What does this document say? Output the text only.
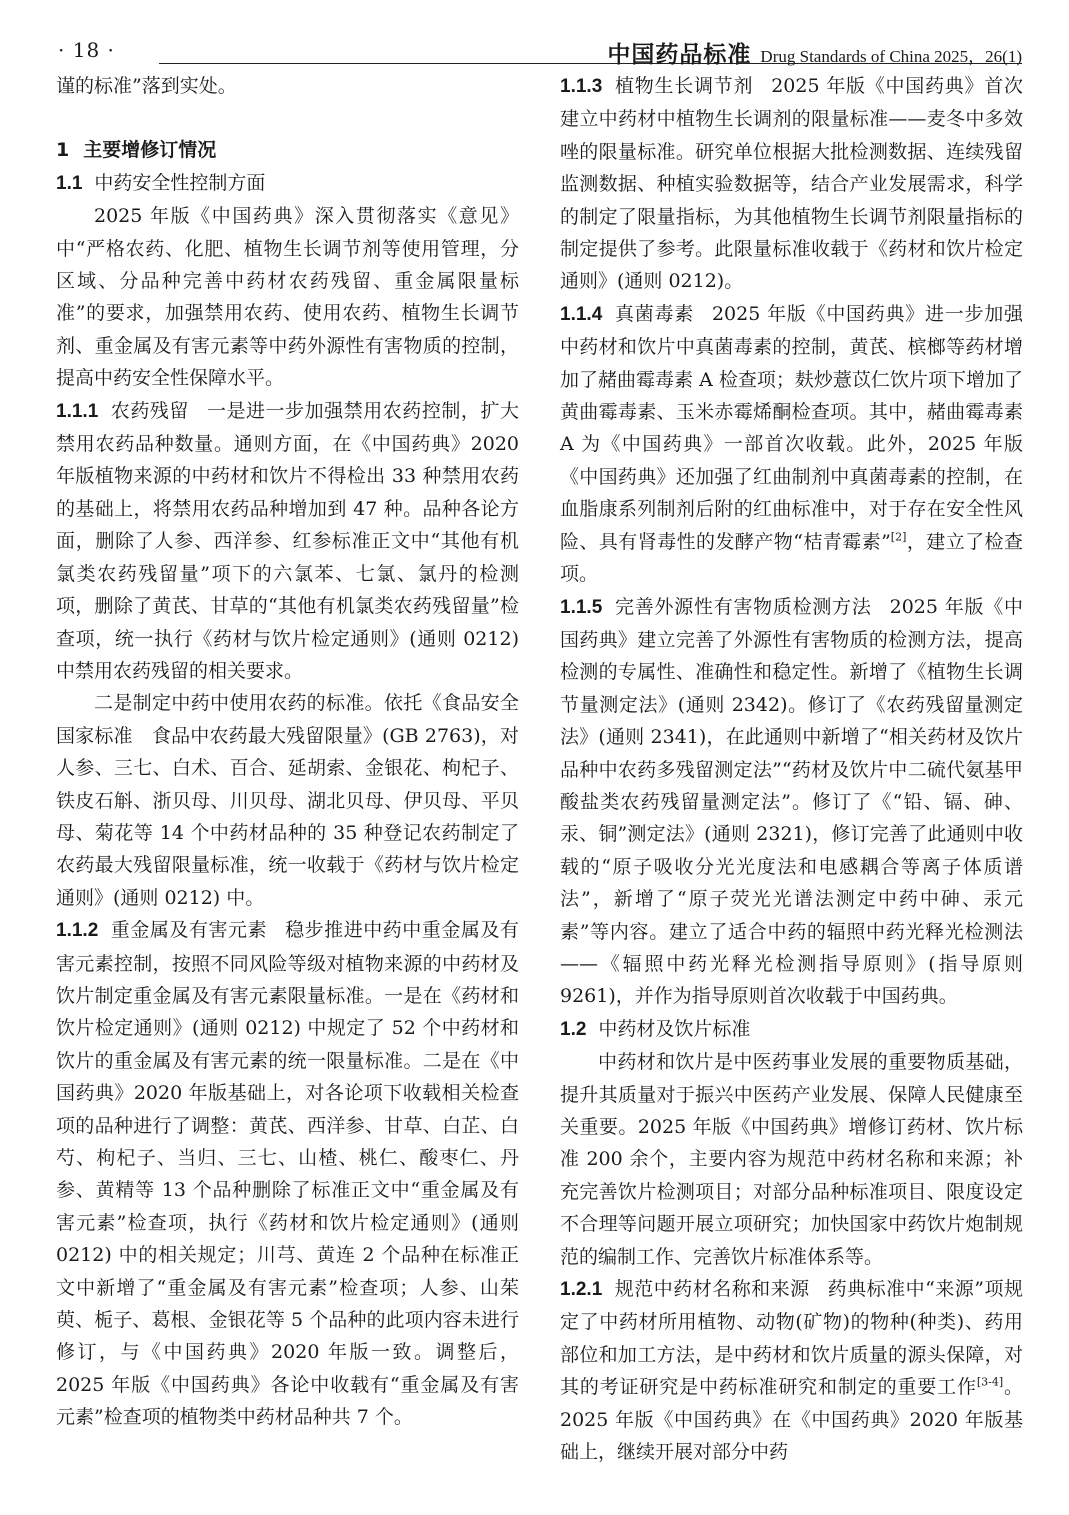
· 18 ·	中国药品标准 Drug Standards of China 2025，26(1)

谨的标准”落到实处。

1 主要增修订情况

1.1 中药安全性控制方面

2025 年版《中国药典》深入贯彻落实《意见》中“严格农药、化肥、植物生长调节剂等使用管理，分区域、分品种完善中药材农药残留、重金属限量标准”的要求，加强禁用农药、使用农药、植物生长调节剂、重金属及有害元素等中药外源性有害物质的控制，提高中药安全性保障水平。

1.1.1 农药残留 一是进一步加强禁用农药控制，扩大禁用农药品种数量。通则方面，在《中国药典》2020 年版植物来源的中药材和饮片不得检出 33 种禁用农药的基础上，将禁用农药品种增加到 47 种。品种各论方面，删除了人参、西洋参、红参标准正文中“其他有机氯类农药残留量”项下的六氯苯、七氯、氯丹的检测项，删除了黄芪、甘草的“其他有机氯类农药残留量”检查项，统一执行《药材与饮片检定通则》(通则 0212) 中禁用农药残留的相关要求。

二是制定中药中使用农药的标准。依托《食品安全国家标准　食品中农药最大残留限量》(GB 2763)，对人参、三七、白术、百合、延胡索、金银花、枸杞子、铁皮石斛、浙贝母、川贝母、湖北贝母、伊贝母、平贝母、菊花等 14 个中药材品种的 35 种登记农药制定了农药最大残留限量标准，统一收载于《药材与饮片检定通则》(通则 0212) 中。

1.1.2 重金属及有害元素 稳步推进中药中重金属及有害元素控制，按照不同风险等级对植物来源的中药材及饮片制定重金属及有害元素限量标准。一是在《药材和饮片检定通则》(通则 0212) 中规定了 52 个中药材和饮片的重金属及有害元素的统一限量标准。二是在《中国药典》2020 年版基础上，对各论项下收载相关检查项的品种进行了调整：黄芪、西洋参、甘草、白芷、白芍、枸杞子、当归、三七、山楂、桃仁、酸枣仁、丹参、黄精等 13 个品种删除了标准正文中“重金属及有害元素”检查项，执行《药材和饮片检定通则》(通则 0212) 中的相关规定；川芎、黄连 2 个品种在标准正文中新增了“重金属及有害元素”检查项；人参、山茱萸、栀子、葛根、金银花等 5 个品种的此项内容未进行修订，与《中国药典》2020 年版一致。调整后，2025 年版《中国药典》各论中收载有“重金属及有害元素”检查项的植物类中药材品种共 7 个。

1.1.3 植物生长调节剂 2025 年版《中国药典》首次建立中药材中植物生长调剂的限量标准——麦冬中多效唑的限量标准。研究单位根据大批检测数据、连续残留监测数据、种植实验数据等，结合产业发展需求，科学的制定了限量指标，为其他植物生长调节剂限量指标的制定提供了参考。此限量标准收载于《药材和饮片检定通则》(通则 0212)。

1.1.4 真菌毒素 2025 年版《中国药典》进一步加强中药材和饮片中真菌毒素的控制，黄芪、槟榔等药材增加了赭曲霉毒素 A 检查项；麸炒薏苡仁饮片项下增加了黄曲霉毒素、玉米赤霉烯酮检查项。其中，赭曲霉毒素 A 为《中国药典》一部首次收载。此外，2025 年版《中国药典》还加强了红曲制剂中真菌毒素的控制，在血脂康系列制剂后附的红曲标准中，对于存在安全性风险、具有肾毒性的发酵产物“桔青霉素”[2]，建立了检查项。

1.1.5 完善外源性有害物质检测方法 2025 年版《中国药典》建立完善了外源性有害物质的检测方法，提高检测的专属性、准确性和稳定性。新增了《植物生长调节量测定法》(通则 2342)。修订了《农药残留量测定法》(通则 2341)，在此通则中新增了“相关药材及饮片品种中农药多残留测定法”“药材及饮片中二硫代氨基甲酸盐类农药残留量测定法”。修订了《“铅、镉、砷、汞、铜”测定法》(通则 2321)，修订完善了此通则中收载的“原子吸收分光光度法和电感耦合等离子体质谱法”，新增了“原子荧光光谱法测定中药中砷、汞元素”等内容。建立了适合中药的辐照中药光释光检测法——《辐照中药光释光检测指导原则》(指导原则 9261)，并作为指导原则首次收载于中国药典。

1.2 中药材及饮片标准

中药材和饮片是中医药事业发展的重要物质基础，提升其质量对于振兴中医药产业发展、保障人民健康至关重要。2025 年版《中国药典》增修订药材、饮片标准 200 余个，主要内容为规范中药材名称和来源；补充完善饮片检测项目；对部分品种标准项目、限度设定不合理等问题开展立项研究；加快国家中药饮片炮制规范的编制工作、完善饮片标准体系等。

1.2.1 规范中药材名称和来源 药典标准中“来源”项规定了中药材所用植物、动物(矿物)的物种(种类)、药用部位和加工方法，是中药材和饮片质量的源头保障，对其的考证研究是中药标准研究和制定的重要工作[3-4]。2025 年版《中国药典》在《中国药典》2020 年版基础上，继续开展对部分中药
